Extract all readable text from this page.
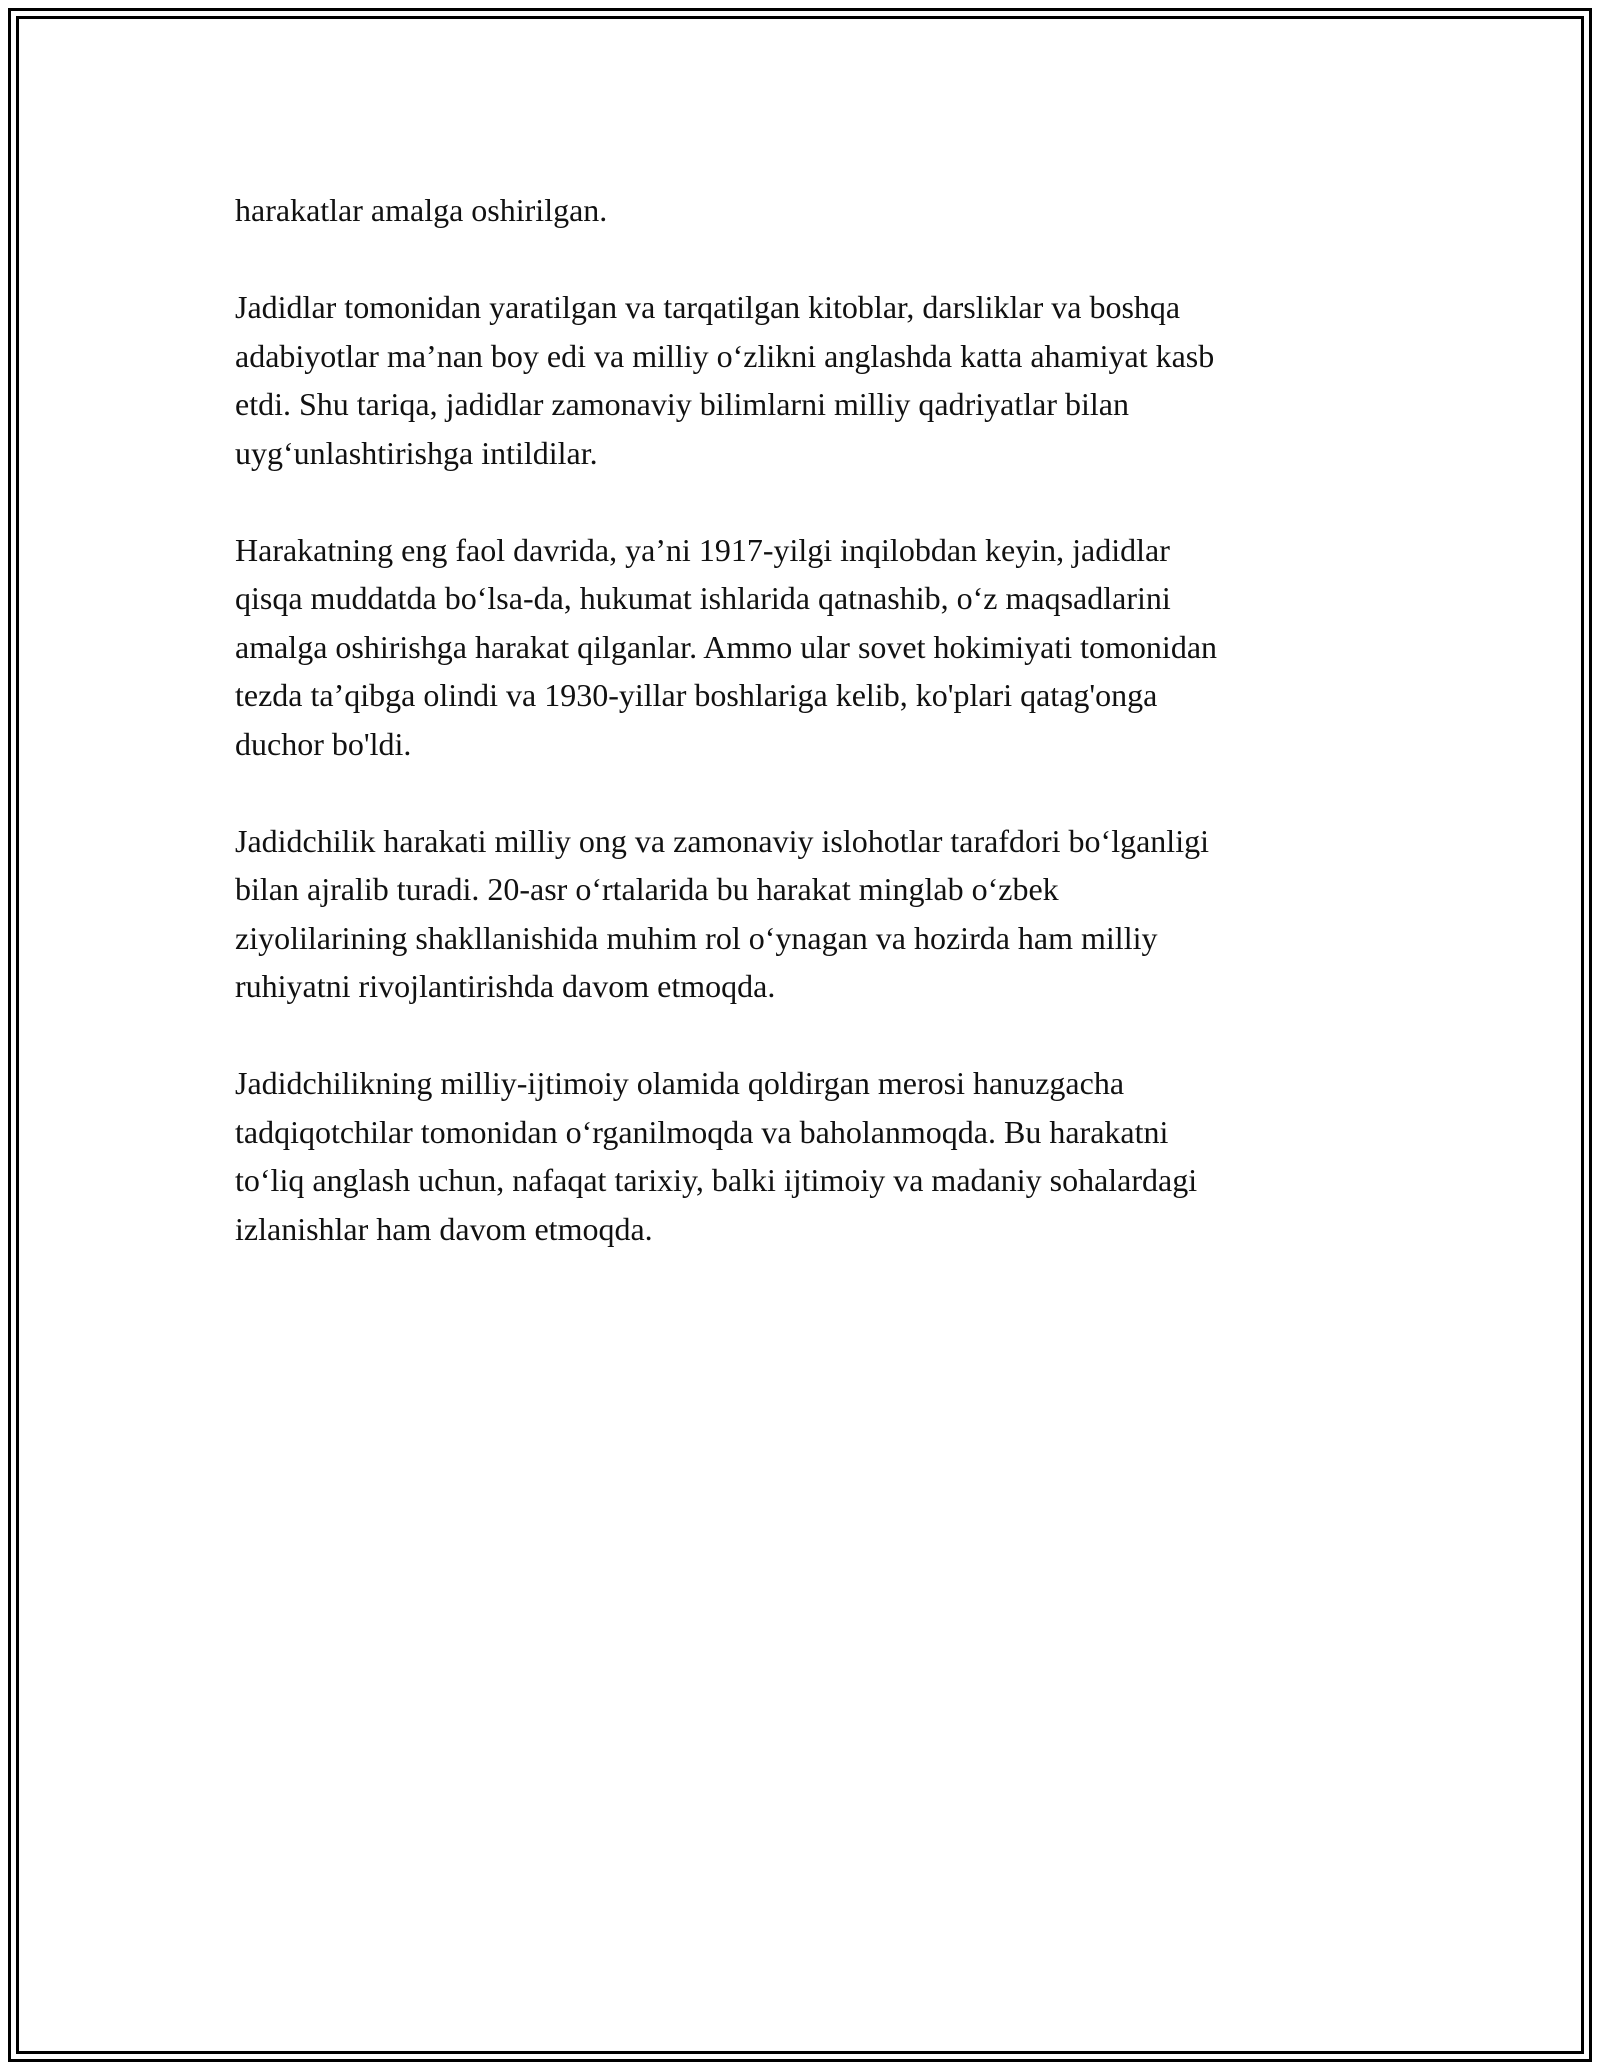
harakatlar amalga oshirilgan.

Jadidlar tomonidan yaratilgan va tarqatilgan kitoblar, darsliklar va boshqa
adabiyotlar ma’nan boy edi va milliy o‘zlikni anglashda katta ahamiyat kasb
etdi. Shu tariqa, jadidlar zamonaviy bilimlarni milliy qadriyatlar bilan
uyg‘unlashtirishga intildilar.

Harakatning eng faol davrida, ya’ni 1917-yilgi inqilobdan keyin, jadidlar
qisqa muddatda bo‘lsa-da, hukumat ishlarida qatnashib, o‘z maqsadlarini
amalga oshirishga harakat qilganlar. Ammo ular sovet hokimiyati tomonidan
tezda ta’qibga olindi va 1930-yillar boshlariga kelib, ko'plari qatag'onga
duchor bo'ldi.

Jadidchilik harakati milliy ong va zamonaviy islohotlar tarafdori bo‘lganligi
bilan ajralib turadi. 20-asr o‘rtalarida bu harakat minglab o‘zbek
ziyolilarining shakllanishida muhim rol o‘ynagan va hozirda ham milliy
ruhiyatni rivojlantirishda davom etmoqda.

Jadidchilikning milliy-ijtimoiy olamida qoldirgan merosi hanuzgacha
tadqiqotchilar tomonidan o‘rganilmoqda va baholanmoqda. Bu harakatni
to‘liq anglash uchun, nafaqat tarixiy, balki ijtimoiy va madaniy sohalardagi
izlanishlar ham davom etmoqda.
